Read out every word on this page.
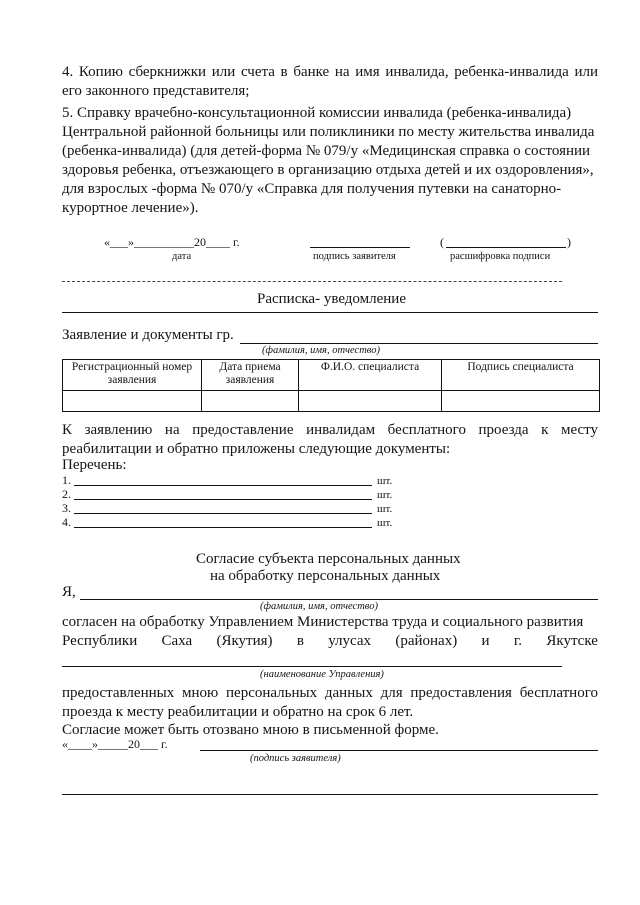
4. Копию сберкнижки или счета в банке на имя инвалида, ребенка-инвалида или его законного представителя;
5. Справку врачебно-консультационной комиссии инвалида (ребенка-инвалида)
Центральной районной больницы или поликлиники по месту жительства инвалида
(ребенка-инвалида) (для детей-форма № 079/у «Медицинская справка о состоянии
здоровья ребенка, отъезжающего в организацию отдыха детей и их оздоровления»,
для взрослых -форма № 070/у «Справка для получения путевки на санаторно-
курортное лечение»).
«___»__________20____ г.
дата	подпись заявителя
(	)
расшифровка подписи
Расписка- уведомление
Заявление и документы гр.
(фамилия, имя, отчество)
Регистрационный номер заявления	Дата приема заявления	Ф.И.О. специалиста	Подпись специалиста

К заявлению на предоставление инвалидам бесплатного проезда к месту реабилитации и обратно приложены следующие документы:
Перечень:
1.	шт.
2.	шт.
3.	шт.
4.	шт.
Согласие субъекта персональных данных
на обработку персональных данных
Я,
(фамилия, имя, отчество)
согласен на обработку Управлением Министерства труда и социального развития
Республики Саха (Якутия) в улусах (районах) и г. Якутске
(наименование Управления)
предоставленных мною персональных данных для предоставления бесплатного проезда к месту реабилитации и обратно на срок 6 лет.
Согласие может быть отозвано мною в письменной форме.
«____»_____20___ г.
(подпись заявителя)
